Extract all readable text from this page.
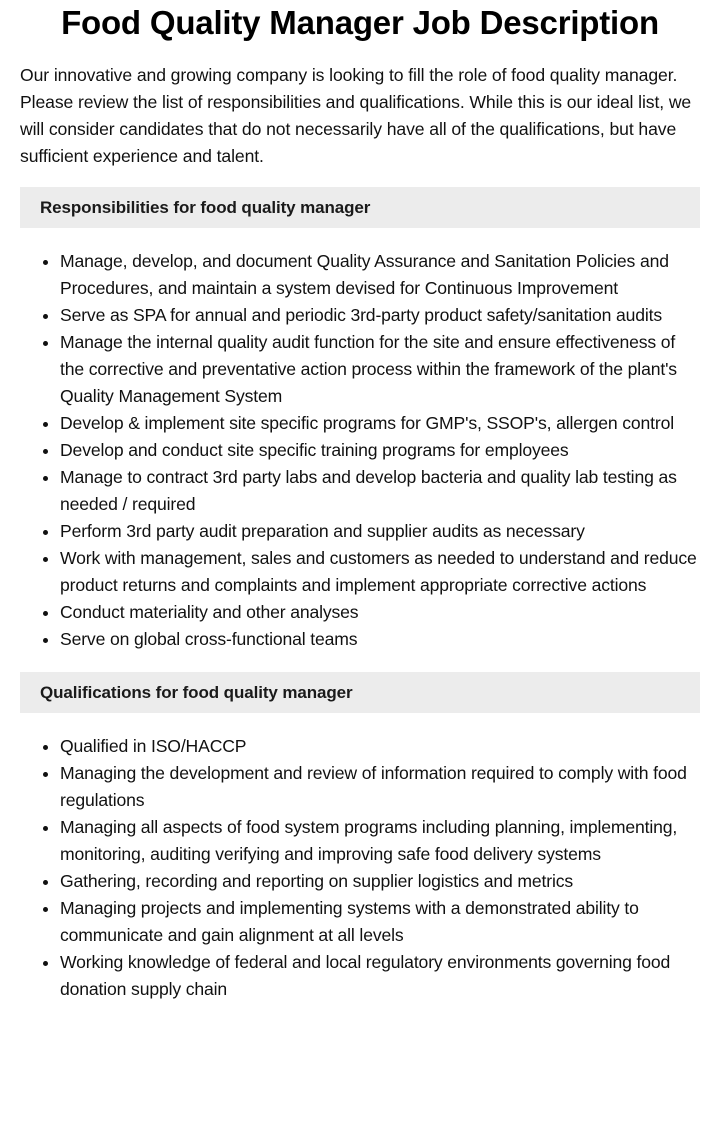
Food Quality Manager Job Description

Our innovative and growing company is looking to fill the role of food quality manager. Please review the list of responsibilities and qualifications. While this is our ideal list, we will consider candidates that do not necessarily have all of the qualifications, but have sufficient experience and talent.

Responsibilities for food quality manager
Manage, develop, and document Quality Assurance and Sanitation Policies and Procedures, and maintain a system devised for Continuous Improvement
Serve as SPA for annual and periodic 3rd-party product safety/sanitation audits
Manage the internal quality audit function for the site and ensure effectiveness of the corrective and preventative action process within the framework of the plant's Quality Management System
Develop & implement site specific programs for GMP's, SSOP's, allergen control
Develop and conduct site specific training programs for employees
Manage to contract 3rd party labs and develop bacteria and quality lab testing as needed / required
Perform 3rd party audit preparation and supplier audits as necessary
Work with management, sales and customers as needed to understand and reduce product returns and complaints and implement appropriate corrective actions
Conduct materiality and other analyses
Serve on global cross-functional teams
Qualifications for food quality manager
Qualified in ISO/HACCP
Managing the development and review of information required to comply with food regulations
Managing all aspects of food system programs including planning, implementing, monitoring, auditing verifying and improving safe food delivery systems
Gathering, recording and reporting on supplier logistics and metrics
Managing projects and implementing systems with a demonstrated ability to communicate and gain alignment at all levels
Working knowledge of federal and local regulatory environments governing food donation supply chain
